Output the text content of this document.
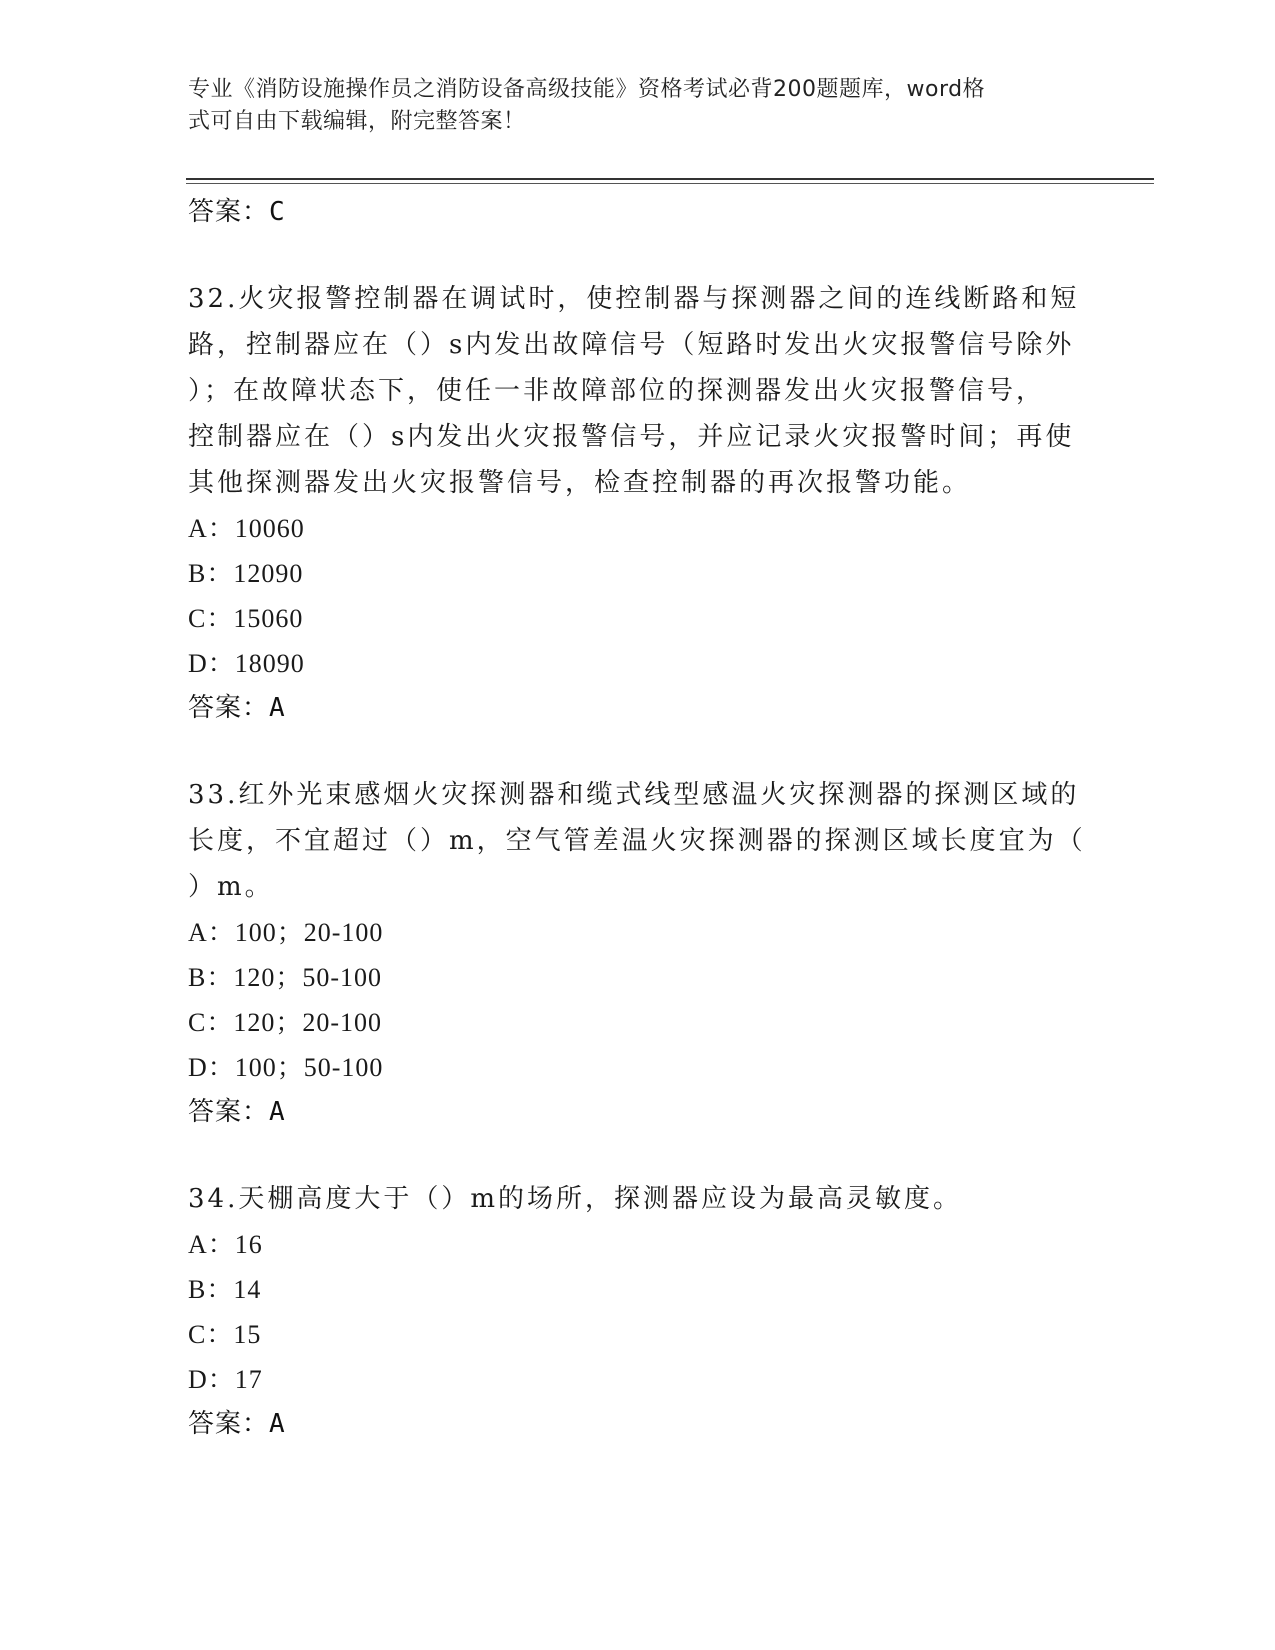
专业《消防设施操作员之消防设备高级技能》资格考试必背200题题库，word格
式可自由下载编辑，附完整答案！
答案：C
32.火灾报警控制器在调试时，使控制器与探测器之间的连线断路和短
路，控制器应在（）s内发出故障信号（短路时发出火灾报警信号除外
）；在故障状态下，使任一非故障部位的探测器发出火灾报警信号，
控制器应在（）s内发出火灾报警信号，并应记录火灾报警时间；再使
其他探测器发出火灾报警信号，检查控制器的再次报警功能。
A：10060
B：12090
C：15060
D：18090
答案：A
33.红外光束感烟火灾探测器和缆式线型感温火灾探测器的探测区域的
长度，不宜超过（）m，空气管差温火灾探测器的探测区域长度宜为（
）m。
A：100；20-100
B：120；50-100
C：120；20-100
D：100；50-100
答案：A
34.天棚高度大于（）m的场所，探测器应设为最高灵敏度。
A：16
B：14
C：15
D：17
答案：A
